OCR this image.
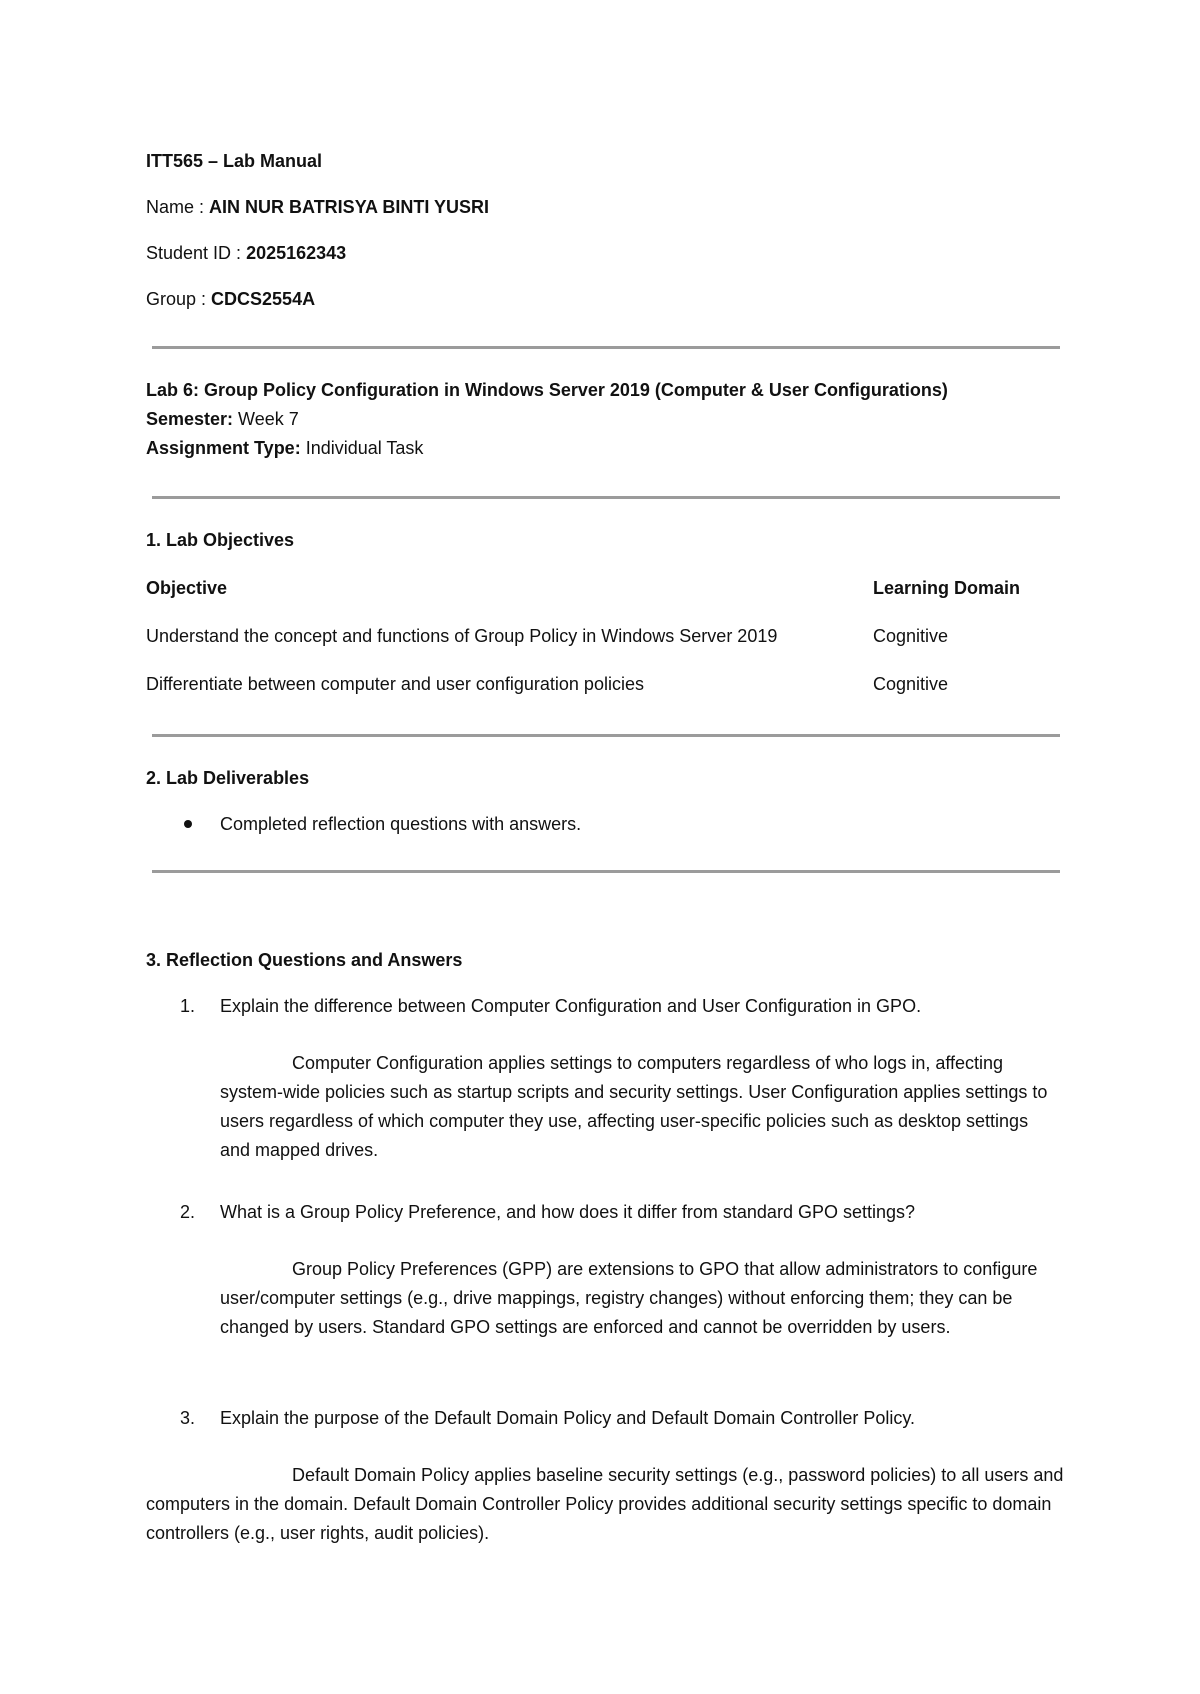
ITT565 – Lab Manual
Name : AIN NUR BATRISYA BINTI YUSRI
Student ID : 2025162343
Group : CDCS2554A
Lab 6: Group Policy Configuration in Windows Server 2019 (Computer & User Configurations)
Semester: Week 7
Assignment Type: Individual Task
1. Lab Objectives
Objective	Learning Domain
Understand the concept and functions of Group Policy in Windows Server 2019	Cognitive
Differentiate between computer and user configuration policies	Cognitive
2. Lab Deliverables
Completed reflection questions with answers.
3. Reflection Questions and Answers
1. Explain the difference between Computer Configuration and User Configuration in GPO.
Computer Configuration applies settings to computers regardless of who logs in, affecting system-wide policies such as startup scripts and security settings. User Configuration applies settings to users regardless of which computer they use, affecting user-specific policies such as desktop settings and mapped drives.
2. What is a Group Policy Preference, and how does it differ from standard GPO settings?
Group Policy Preferences (GPP) are extensions to GPO that allow administrators to configure user/computer settings (e.g., drive mappings, registry changes) without enforcing them; they can be changed by users. Standard GPO settings are enforced and cannot be overridden by users.
3. Explain the purpose of the Default Domain Policy and Default Domain Controller Policy.
Default Domain Policy applies baseline security settings (e.g., password policies) to all users and computers in the domain. Default Domain Controller Policy provides additional security settings specific to domain controllers (e.g., user rights, audit policies).
